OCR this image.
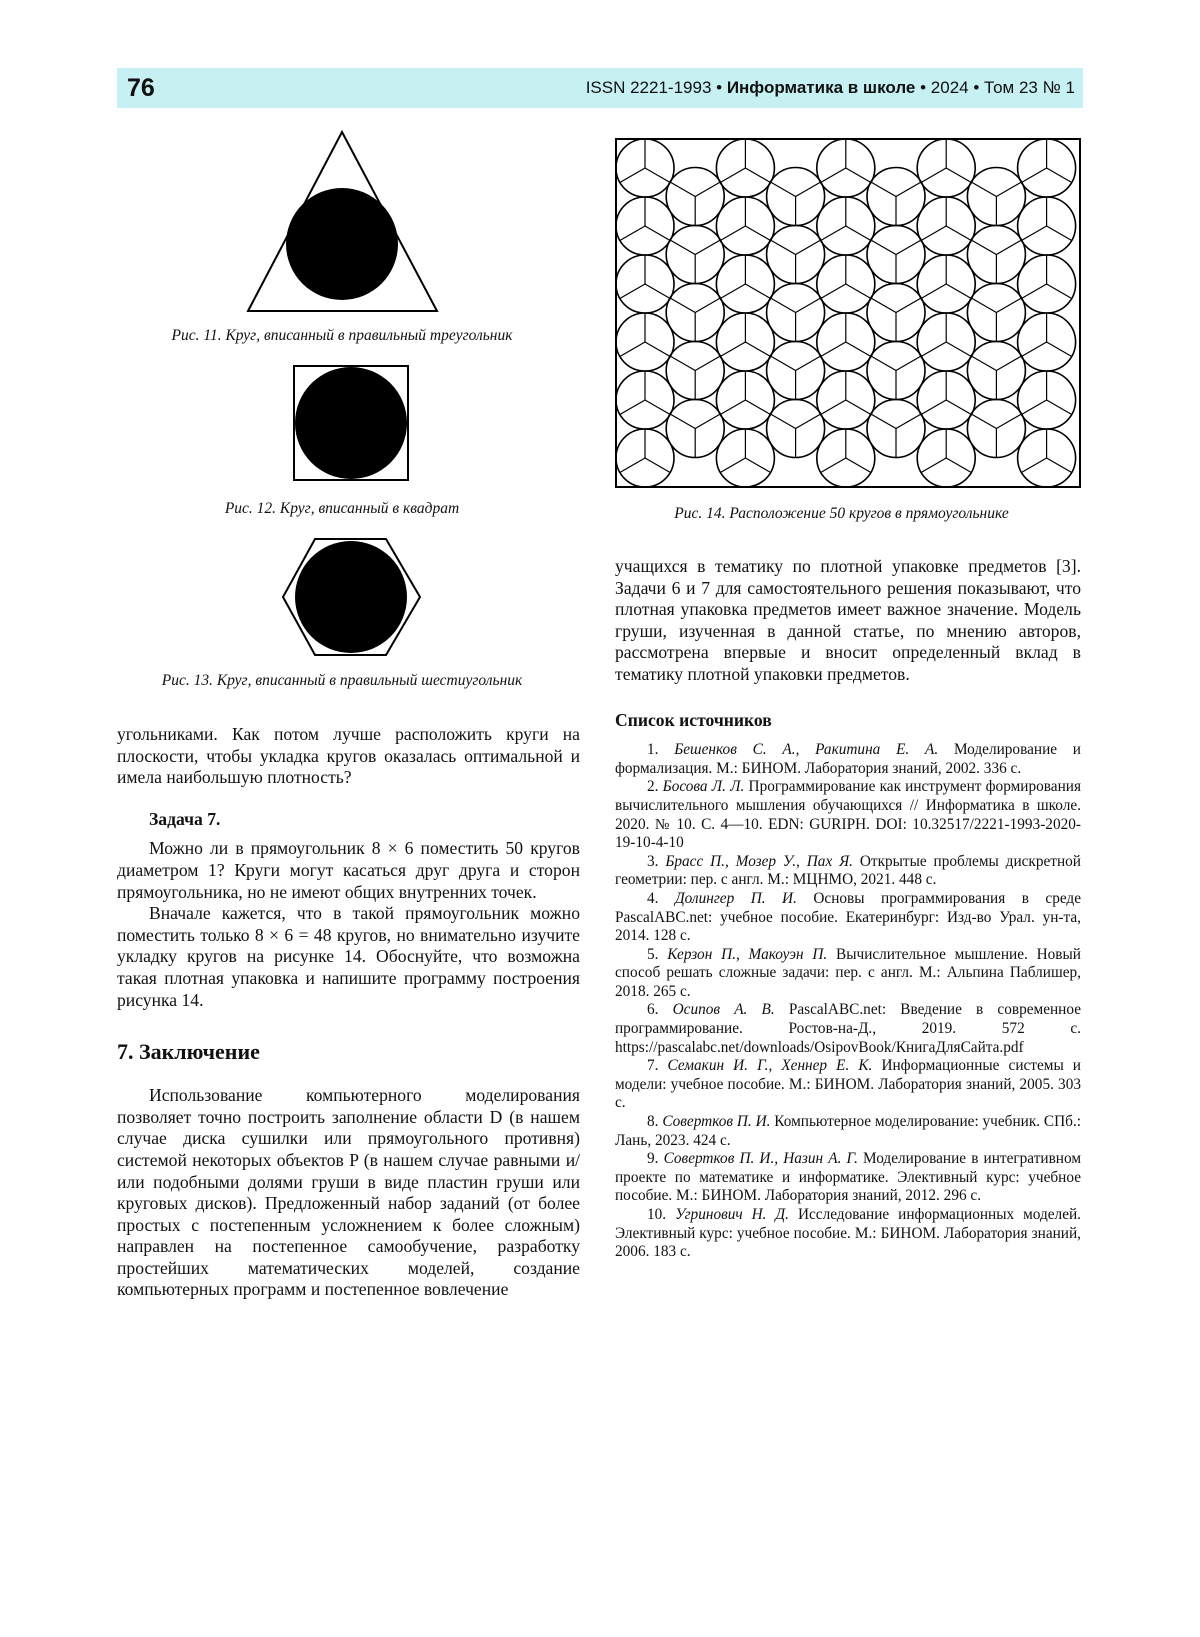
76	ISSN 2221-1993 • Информатика в школе • 2024 • Том 23 № 1
Рис. 11. Круг, вписанный в правильный треугольник
Рис. 12. Круг, вписанный в квадрат
Рис. 13. Круг, вписанный в правильный шестиугольник
Рис. 14. Расположение 50 кругов в прямоугольнике

угольниками. Как потом лучше расположить круги на плоскости, чтобы укладка кругов оказалась оптимальной и имела наибольшую плотность?

Задача 7.

Можно ли в прямоугольник 8 × 6 поместить 50 кругов диаметром 1? Круги могут касаться друг друга и сторон прямоугольника, но не имеют общих внутренних точек.

Вначале кажется, что в такой прямоугольник можно поместить только 8 × 6 = 48 кругов, но внимательно изучите укладку кругов на рисунке 14. Обоснуйте, что возможна такая плотная упаковка и напишите программу построения рисунка 14.

7. Заключение

Использование компьютерного моделирования позволяет точно построить заполнение области D (в нашем случае диска сушилки или прямоугольного противня) системой некоторых объектов P (в нашем случае равными и/или подобными долями груши в виде пластин груши или круговых дисков). Предложенный набор заданий (от более простых с постепенным усложнением к более сложным) направлен на постепенное самообучение, разработку простейших математических моделей, создание компьютерных программ и постепенное вовлечение

учащихся в тематику по плотной упаковке предметов [3]. Задачи 6 и 7 для самостоятельного решения показывают, что плотная упаковка предметов имеет важное значение. Модель груши, изученная в данной статье, по мнению авторов, рассмотрена впервые и вносит определенный вклад в тематику плотной упаковки предметов.

Список источников

1. Бешенков С. А., Ракитина Е. А. Моделирование и формализация. М.: БИНОМ. Лаборатория знаний, 2002. 336 с.

2. Босова Л. Л. Программирование как инструмент формирования вычислительного мышления обучающихся // Информатика в школе. 2020. № 10. С. 4—10. EDN: GURIPH. DOI: 10.32517/2221-1993-2020-19-10-4-10

3. Брасс П., Мозер У., Пах Я. Открытые проблемы дискретной геометрии: пер. с англ. М.: МЦНМО, 2021. 448 с.

4. Долингер П. И. Основы программирования в среде PascalABC.net: учебное пособие. Екатеринбург: Изд-во Урал. ун-та, 2014. 128 с.

5. Керзон П., Макоуэн П. Вычислительное мышление. Новый способ решать сложные задачи: пер. с англ. М.: Альпина Паблишер, 2018. 265 с.

6. Осипов А. В. PascalABC.net: Введение в современное программирование. Ростов-на-Д., 2019. 572 с. https://pascalabc.net/downloads/OsipovBook/КнигаДляСайта.pdf

7. Семакин И. Г., Хеннер Е. К. Информационные системы и модели: учебное пособие. М.: БИНОМ. Лаборатория знаний, 2005. 303 с.

8. Совертков П. И. Компьютерное моделирование: учебник. СПб.: Лань, 2023. 424 с.

9. Совертков П. И., Назин А. Г. Моделирование в интегративном проекте по математике и информатике. Элективный курс: учебное пособие. М.: БИНОМ. Лаборатория знаний, 2012. 296 с.

10. Угринович Н. Д. Исследование информационных моделей. Элективный курс: учебное пособие. М.: БИНОМ. Лаборатория знаний, 2006. 183 с.
